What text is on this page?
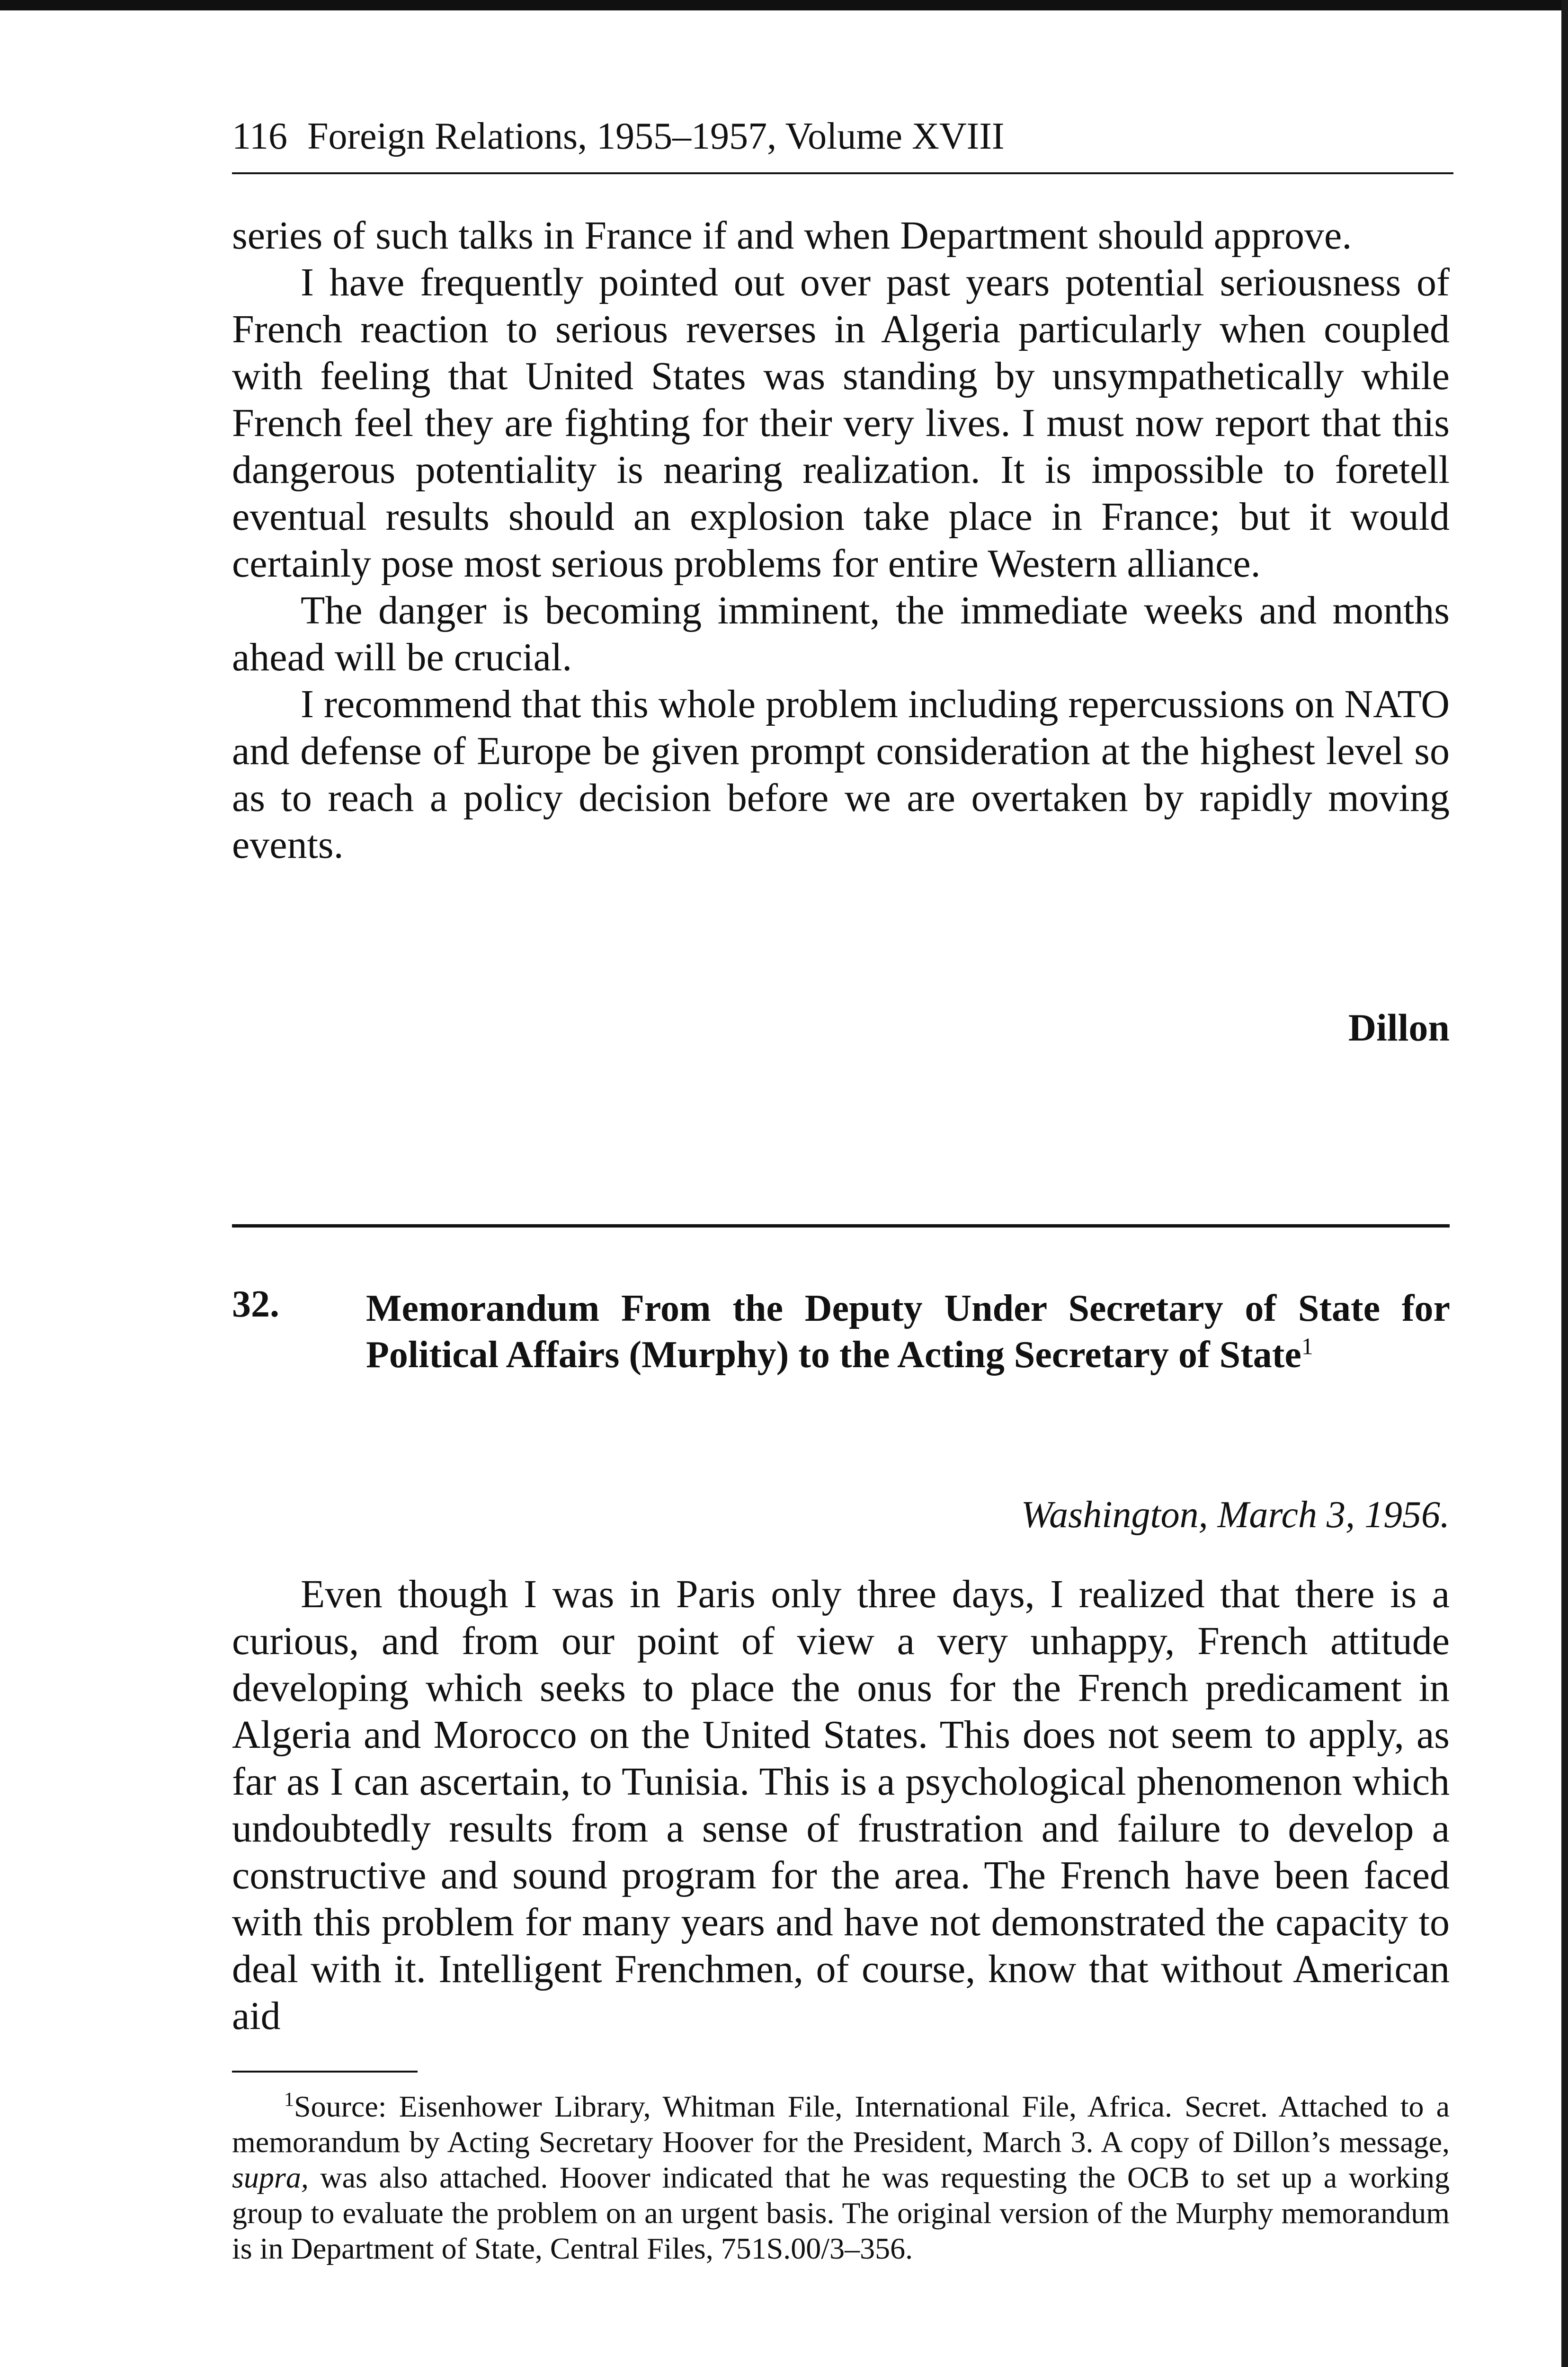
116 Foreign Relations, 1955–1957, Volume XVIII

series of such talks in France if and when Department should approve.

I have frequently pointed out over past years potential seriousness of French reaction to serious reverses in Algeria particularly when coupled with feeling that United States was standing by unsympathetically while French feel they are fighting for their very lives. I must now report that this dangerous potentiality is nearing realization. It is impossible to foretell eventual results should an explosion take place in France; but it would certainly pose most serious problems for entire Western alliance.

The danger is becoming imminent, the immediate weeks and months ahead will be crucial.

I recommend that this whole problem including repercussions on NATO and defense of Europe be given prompt consideration at the highest level so as to reach a policy decision before we are overtaken by rapidly moving events.

Dillon
32. Memorandum From the Deputy Under Secretary of State for Political Affairs (Murphy) to the Acting Secretary of State$^1$

Washington, March 3, 1956.

Even though I was in Paris only three days, I realized that there is a curious, and from our point of view a very unhappy, French attitude developing which seeks to place the onus for the French predicament in Algeria and Morocco on the United States. This does not seem to apply, as far as I can ascertain, to Tunisia. This is a psychological phenomenon which undoubtedly results from a sense of frustration and failure to develop a constructive and sound program for the area. The French have been faced with this problem for many years and have not demonstrated the capacity to deal with it. Intelligent Frenchmen, of course, know that without American aid

$^1$Source: Eisenhower Library, Whitman File, International File, Africa. Secret. Attached to a memorandum by Acting Secretary Hoover for the President, March 3. A copy of Dillon’s message, supra, was also attached. Hoover indicated that he was requesting the OCB to set up a working group to evaluate the problem on an urgent basis. The original version of the Murphy memorandum is in Department of State, Central Files, 751S.00/3–356.
